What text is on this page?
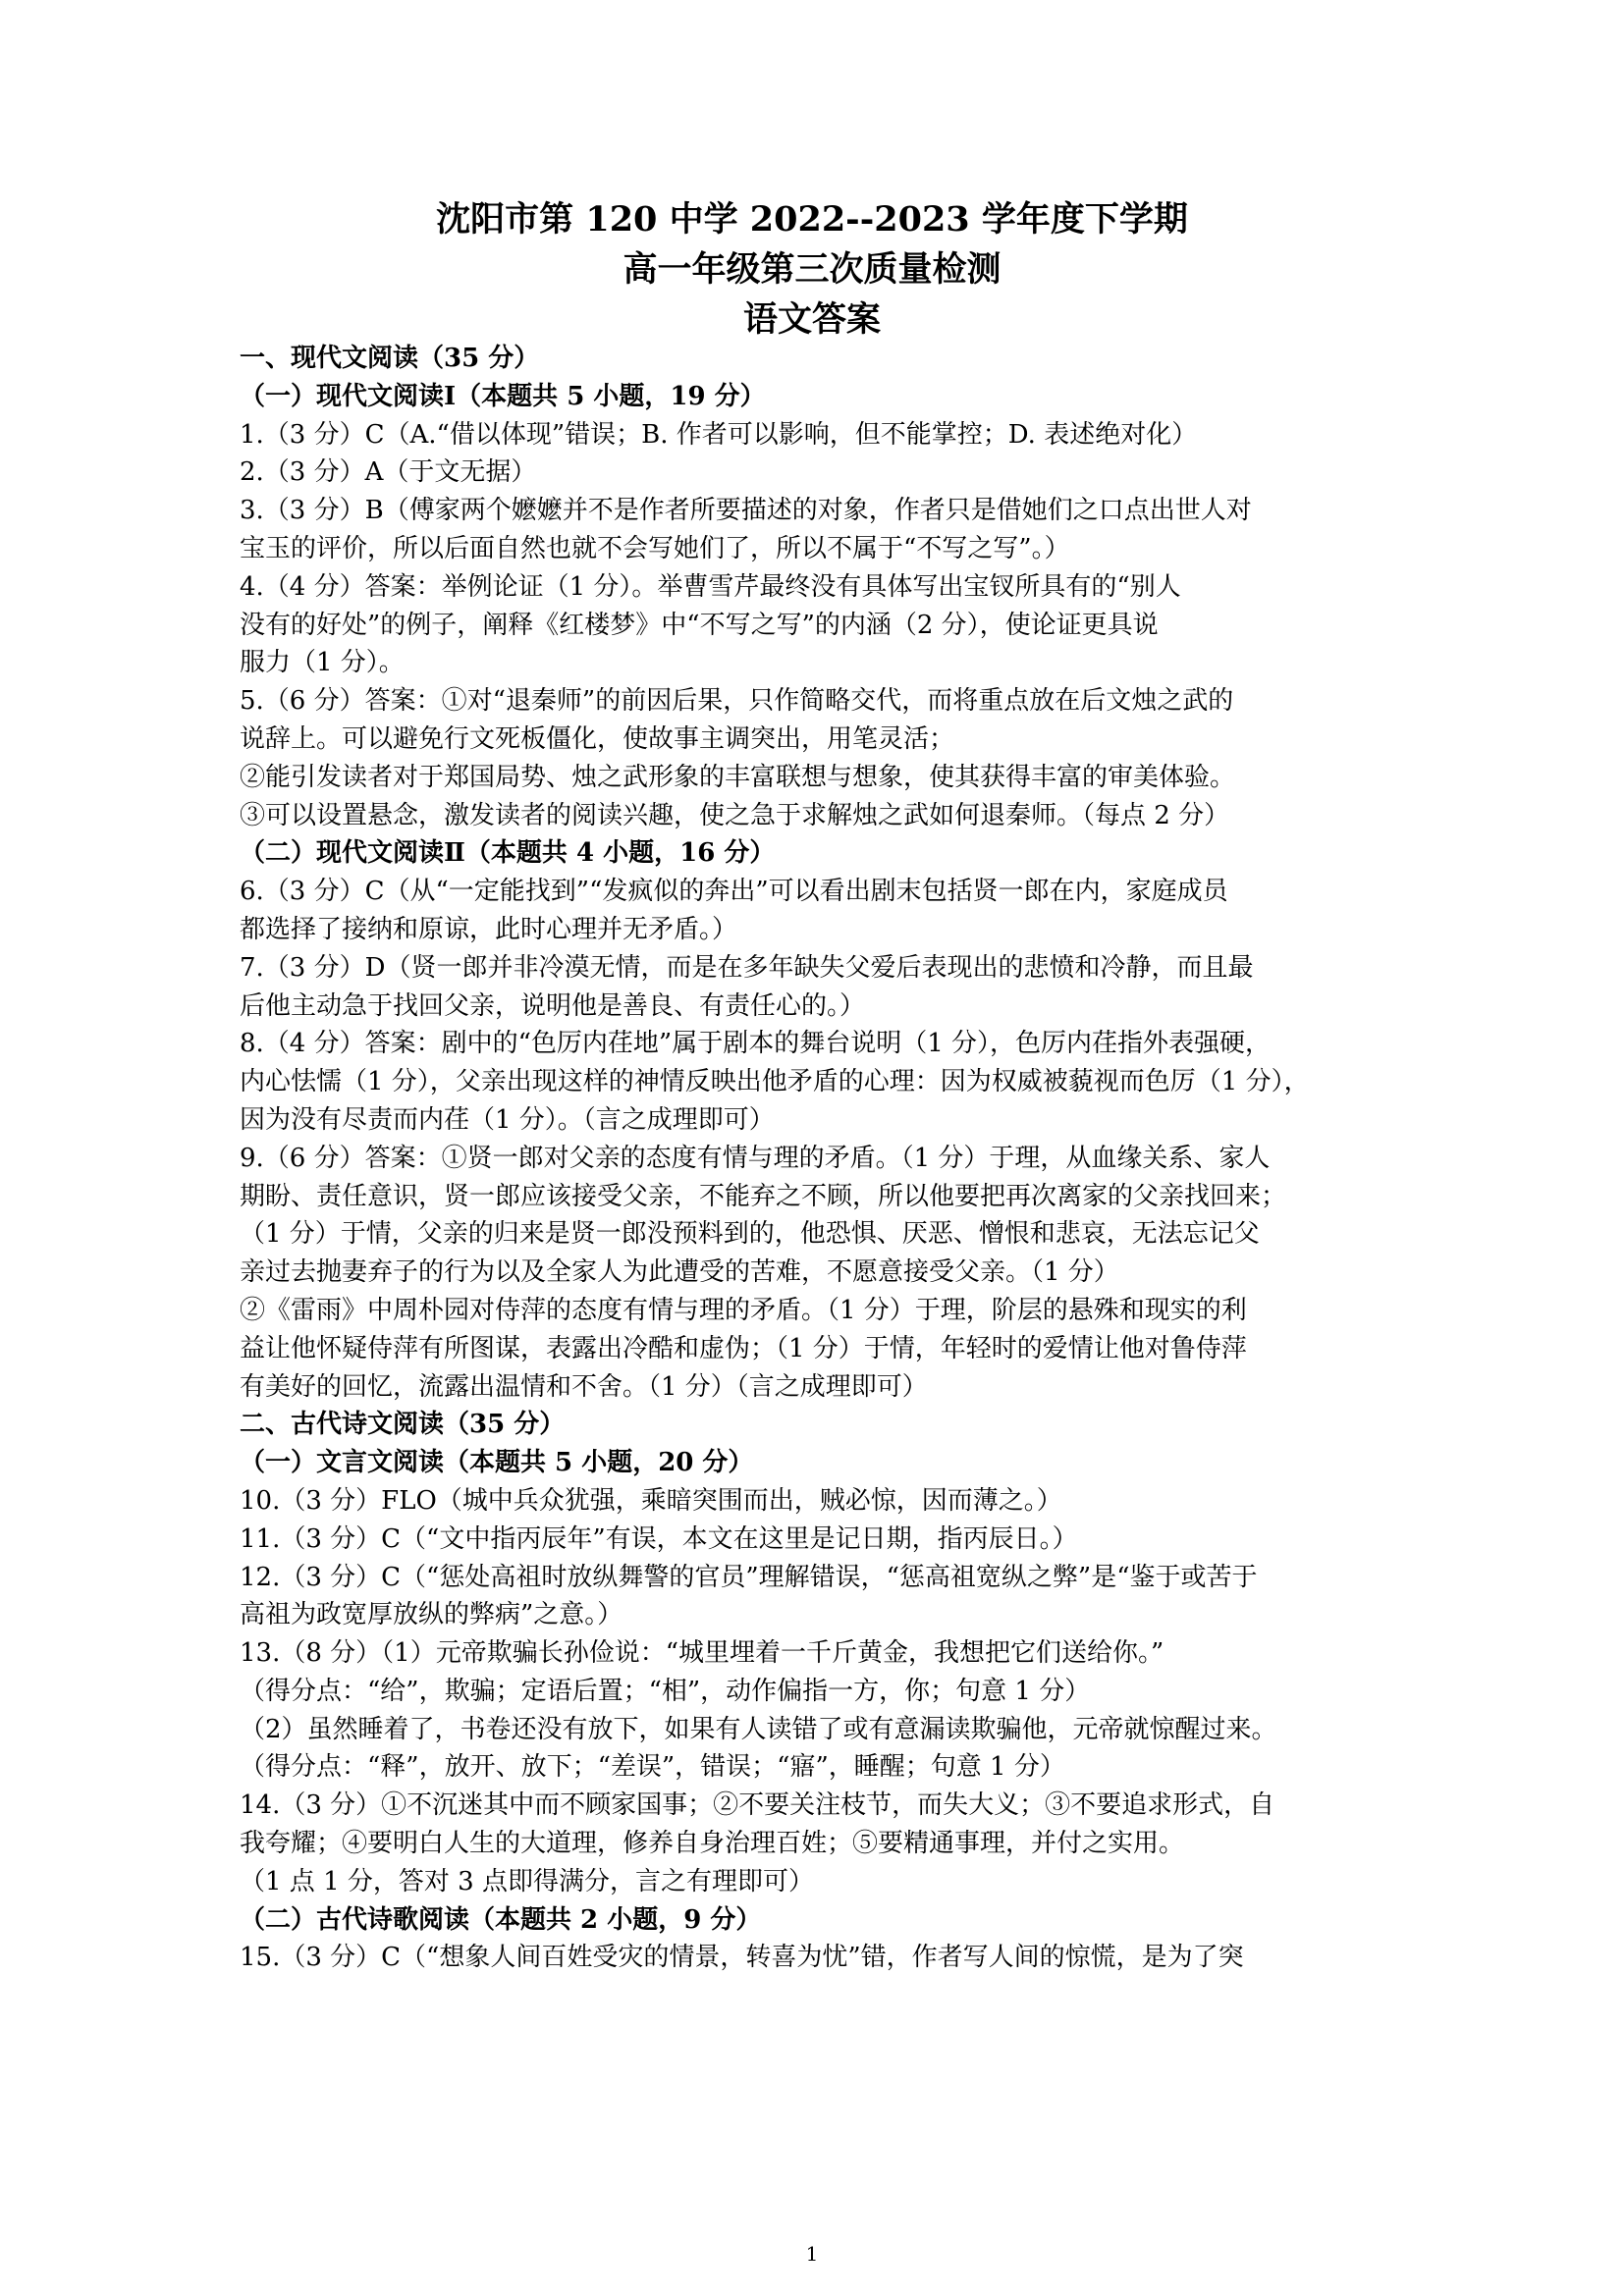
沈阳市第 120 中学 2022--2023 学年度下学期
高一年级第三次质量检测
语文答案

一、现代文阅读（35 分）

（一）现代文阅读Ⅰ（本题共 5 小题，19 分）

1.（3 分）C（A.“借以体现”错误；B. 作者可以影响，但不能掌控；D. 表述绝对化）

2.（3 分）A（于文无据）

3.（3 分）B（傅家两个嬷嬷并不是作者所要描述的对象，作者只是借她们之口点出世人对

宝玉的评价，所以后面自然也就不会写她们了，所以不属于“不写之写”。）

4.（4 分）答案：举例论证（1 分）。举曹雪芹最终没有具体写出宝钗所具有的“别人

没有的好处”的例子，阐释《红楼梦》中“不写之写”的内涵（2 分），使论证更具说

服力（1 分）。

5.（6 分）答案：①对“退秦师”的前因后果，只作简略交代，而将重点放在后文烛之武的

说辞上。可以避免行文死板僵化，使故事主调突出，用笔灵活；

②能引发读者对于郑国局势、烛之武形象的丰富联想与想象，使其获得丰富的审美体验。

③可以设置悬念，激发读者的阅读兴趣，使之急于求解烛之武如何退秦师。（每点 2 分）

（二）现代文阅读Ⅱ（本题共 4 小题，16 分）

6.（3 分）C（从“一定能找到”“发疯似的奔出”可以看出剧末包括贤一郎在内，家庭成员

都选择了接纳和原谅，此时心理并无矛盾。）

7.（3 分）D（贤一郎并非冷漠无情，而是在多年缺失父爱后表现出的悲愤和冷静，而且最

后他主动急于找回父亲，说明他是善良、有责任心的。）

8.（4 分）答案：剧中的“色厉内荏地”属于剧本的舞台说明（1 分），色厉内荏指外表强硬，

内心怯懦（1 分），父亲出现这样的神情反映出他矛盾的心理：因为权威被藐视而色厉（1 分），

因为没有尽责而内荏（1 分）。（言之成理即可）

9.（6 分）答案：①贤一郎对父亲的态度有情与理的矛盾。（1 分）于理，从血缘关系、家人

期盼、责任意识，贤一郎应该接受父亲，不能弃之不顾，所以他要把再次离家的父亲找回来；

（1 分）于情，父亲的归来是贤一郎没预料到的，他恐惧、厌恶、憎恨和悲哀，无法忘记父

亲过去抛妻弃子的行为以及全家人为此遭受的苦难，不愿意接受父亲。（1 分）

②《雷雨》中周朴园对侍萍的态度有情与理的矛盾。（1 分）于理，阶层的悬殊和现实的利

益让他怀疑侍萍有所图谋，表露出冷酷和虚伪；（1 分）于情，年轻时的爱情让他对鲁侍萍

有美好的回忆，流露出温情和不舍。（1 分）（言之成理即可）

二、古代诗文阅读（35 分）

（一）文言文阅读（本题共 5 小题，20 分）

10.（3 分）FLO（城中兵众犹强，乘暗突围而出，贼必惊，因而薄之。）

11.（3 分）C（“文中指丙辰年”有误，本文在这里是记日期，指丙辰日。）

12.（3 分）C（“惩处高祖时放纵舞警的官员”理解错误，“惩高祖宽纵之弊”是“鉴于或苦于

高祖为政宽厚放纵的弊病”之意。）

13.（8 分）（1）元帝欺骗长孙俭说：“城里埋着一千斤黄金，我想把它们送给你。”

（得分点：“给”，欺骗；定语后置；“相”，动作偏指一方，你；句意 1 分）

（2）虽然睡着了，书卷还没有放下，如果有人读错了或有意漏读欺骗他，元帝就惊醒过来。

（得分点：“释”，放开、放下；“差误”，错误；“寤”，睡醒；句意 1 分）

14.（3 分）①不沉迷其中而不顾家国事；②不要关注枝节，而失大义；③不要追求形式，自

我夸耀；④要明白人生的大道理，修养自身治理百姓；⑤要精通事理，并付之实用。

（1 点 1 分，答对 3 点即得满分，言之有理即可）

（二）古代诗歌阅读（本题共 2 小题，9 分）

15.（3 分）C（“想象人间百姓受灾的情景，转喜为忧”错，作者写人间的惊慌，是为了突

1
